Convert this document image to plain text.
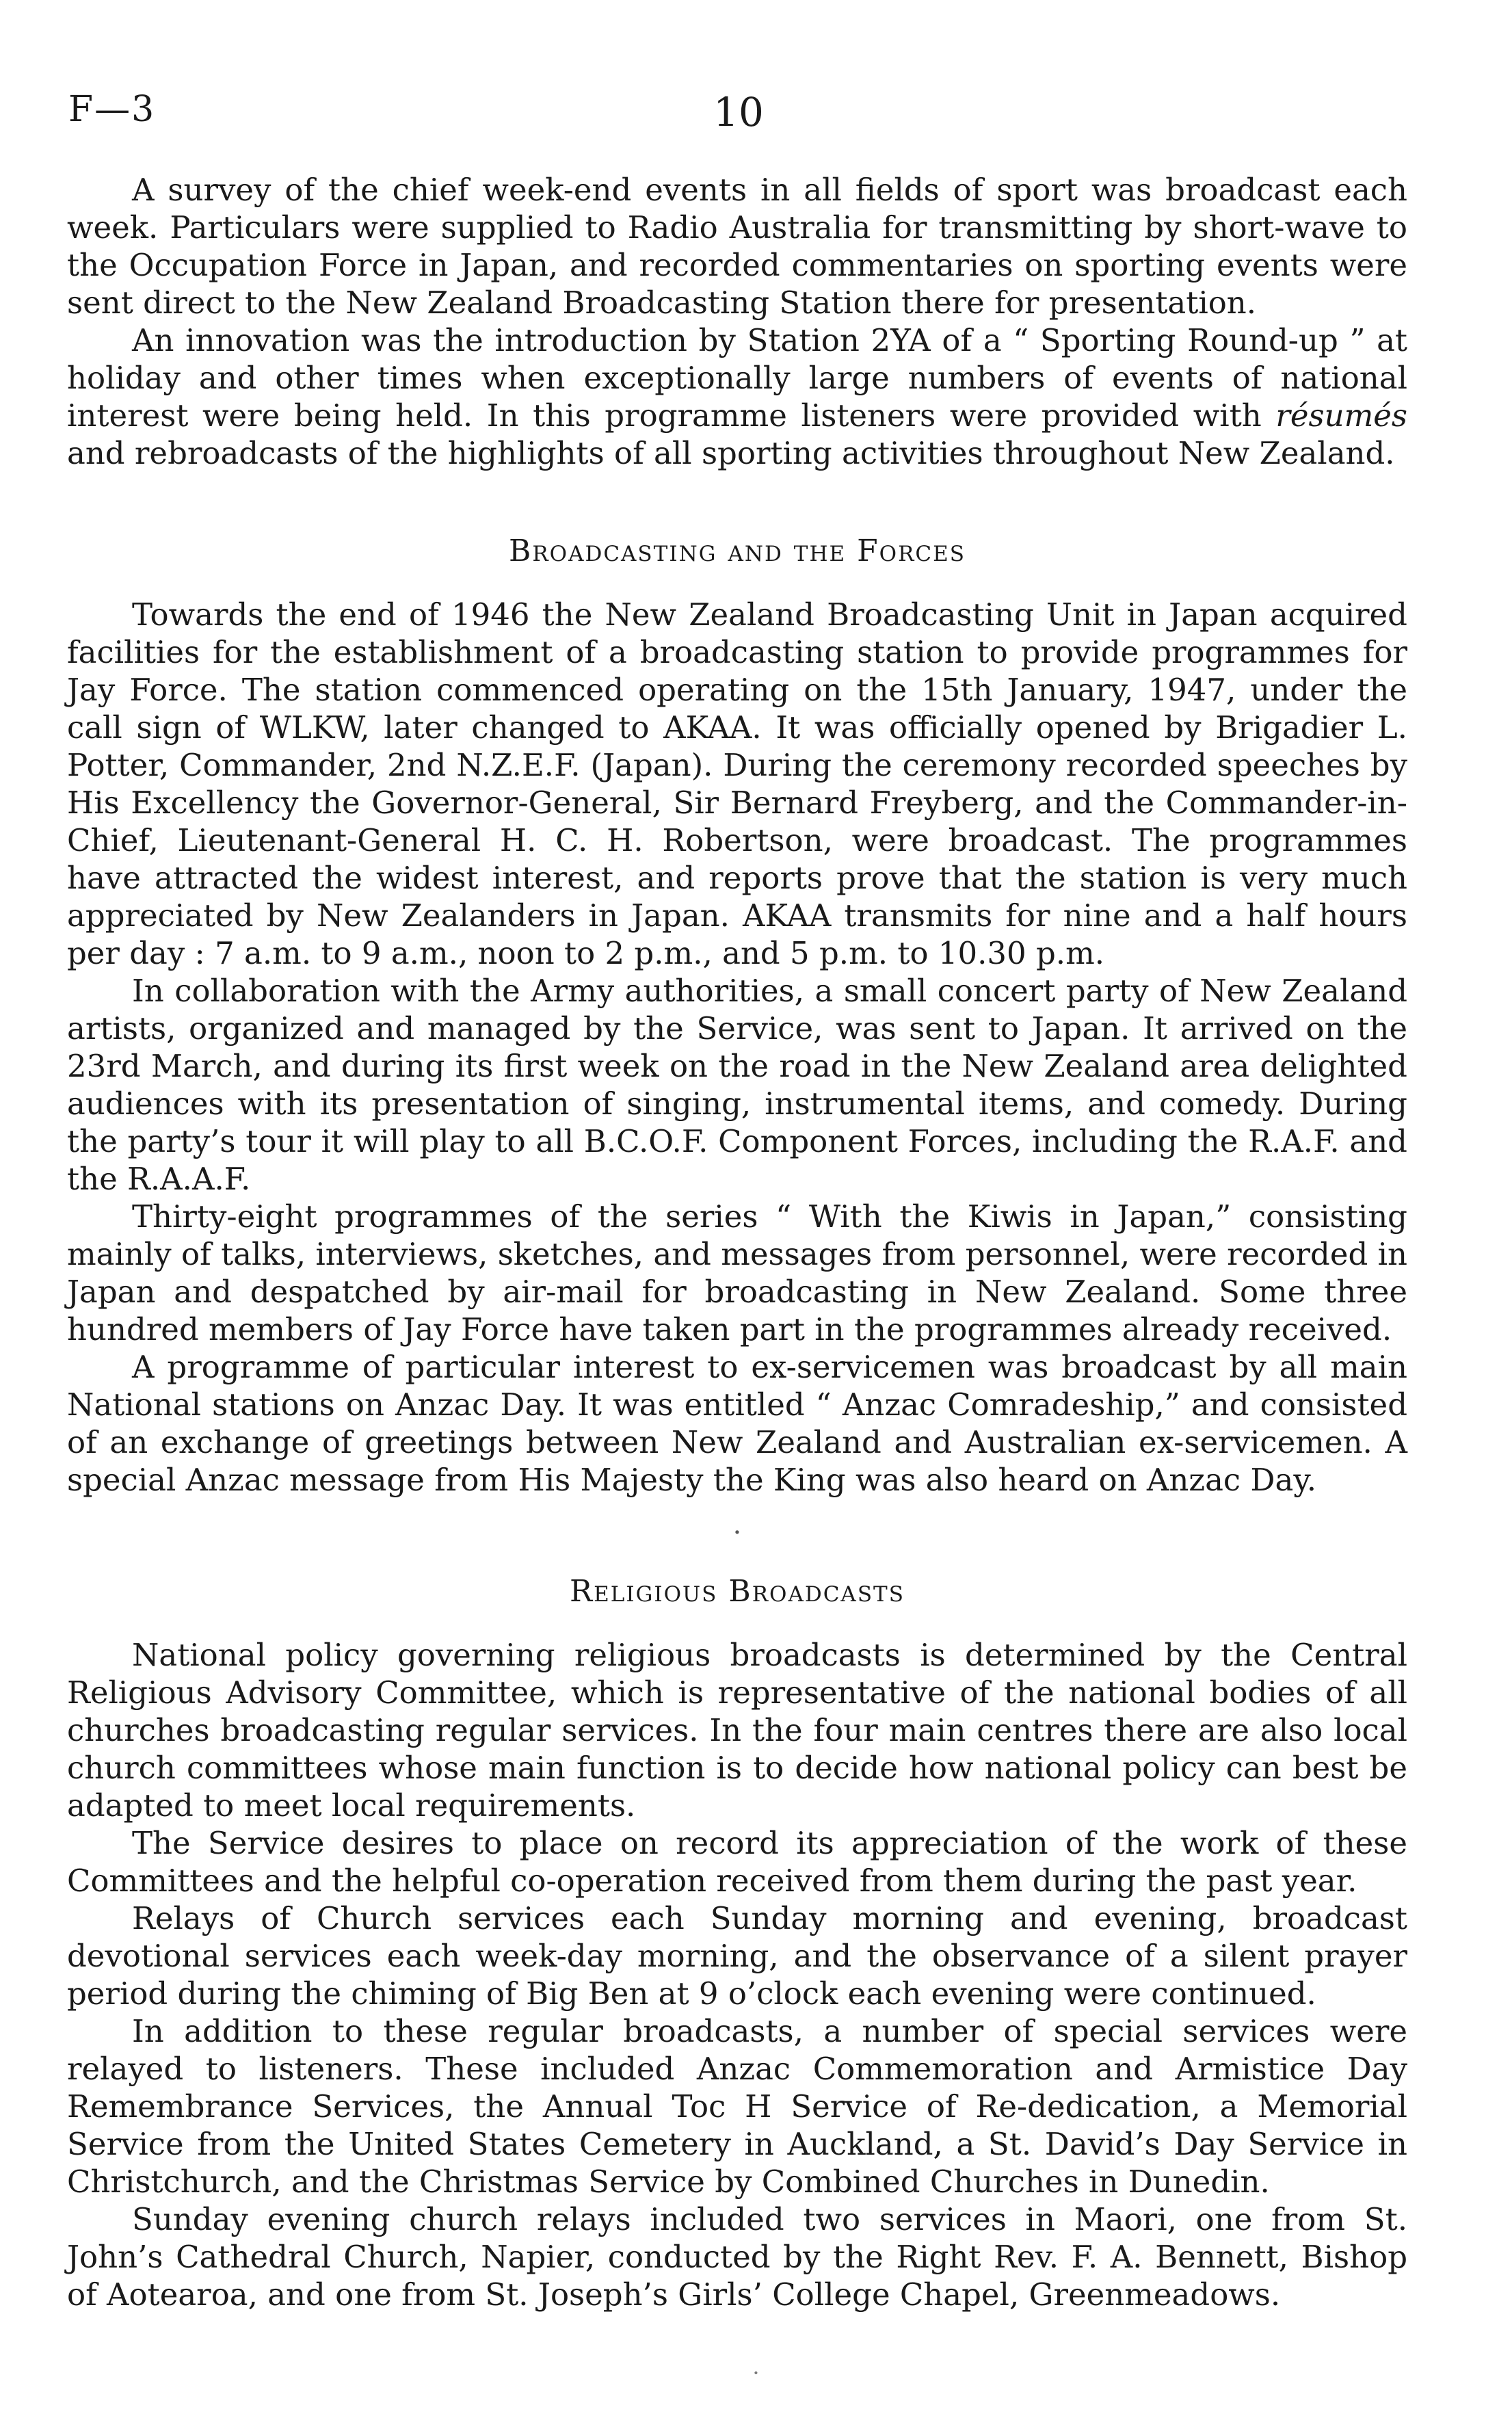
F—3	10

A survey of the chief week-end events in all fields of sport was broadcast each week. Particulars were supplied to Radio Australia for transmitting by short-wave to the Occupation Force in Japan, and recorded commentaries on sporting events were sent direct to the New Zealand Broadcasting Station there for presentation.

An innovation was the introduction by Station 2YA of a “ Sporting Round-up ” at holiday and other times when exceptionally large numbers of events of national interest were being held. In this programme listeners were provided with résumés and rebroadcasts of the highlights of all sporting activities throughout New Zealand.

Broadcasting and the Forces

Towards the end of 1946 the New Zealand Broadcasting Unit in Japan acquired facilities for the establishment of a broadcasting station to provide programmes for Jay Force. The station commenced operating on the 15th January, 1947, under the call sign of WLKW, later changed to AKAA. It was officially opened by Brigadier L. Potter, Commander, 2nd N.Z.E.F. (Japan). During the ceremony recorded speeches by His Excellency the Governor-General, Sir Bernard Freyberg, and the Commander-in-Chief, Lieutenant-General H. C. H. Robertson, were broadcast. The programmes have attracted the widest interest, and reports prove that the station is very much appreciated by New Zealanders in Japan. AKAA transmits for nine and a half hours per day : 7 a.m. to 9 a.m., noon to 2 p.m., and 5 p.m. to 10.30 p.m.

In collaboration with the Army authorities, a small concert party of New Zealand artists, organized and managed by the Service, was sent to Japan. It arrived on the 23rd March, and during its first week on the road in the New Zealand area delighted audiences with its presentation of singing, instrumental items, and comedy. During the party’s tour it will play to all B.C.O.F. Component Forces, including the R.A.F. and the R.A.A.F.

Thirty-eight programmes of the series “ With the Kiwis in Japan,” consisting mainly of talks, interviews, sketches, and messages from personnel, were recorded in Japan and despatched by air-mail for broadcasting in New Zealand. Some three hundred members of Jay Force have taken part in the programmes already received.

A programme of particular interest to ex-servicemen was broadcast by all main National stations on Anzac Day. It was entitled “ Anzac Comradeship,” and consisted of an exchange of greetings between New Zealand and Australian ex-servicemen. A special Anzac message from His Majesty the King was also heard on Anzac Day.

·
Religious Broadcasts

National policy governing religious broadcasts is determined by the Central Religious Advisory Committee, which is representative of the national bodies of all churches broadcasting regular services. In the four main centres there are also local church committees whose main function is to decide how national policy can best be adapted to meet local requirements.

The Service desires to place on record its appreciation of the work of these Committees and the helpful co-operation received from them during the past year.

Relays of Church services each Sunday morning and evening, broadcast devotional services each week-day morning, and the observance of a silent prayer period during the chiming of Big Ben at 9 o’clock each evening were continued.

In addition to these regular broadcasts, a number of special services were relayed to listeners. These included Anzac Commemoration and Armistice Day Remembrance Services, the Annual Toc H Service of Re-dedication, a Memorial Service from the United States Cemetery in Auckland, a St. David’s Day Service in Christchurch, and the Christmas Service by Combined Churches in Dunedin.

Sunday evening church relays included two services in Maori, one from St. John’s Cathedral Church, Napier, conducted by the Right Rev. F. A. Bennett, Bishop of Aotearoa, and one from St. Joseph’s Girls’ College Chapel, Greenmeadows.

·
